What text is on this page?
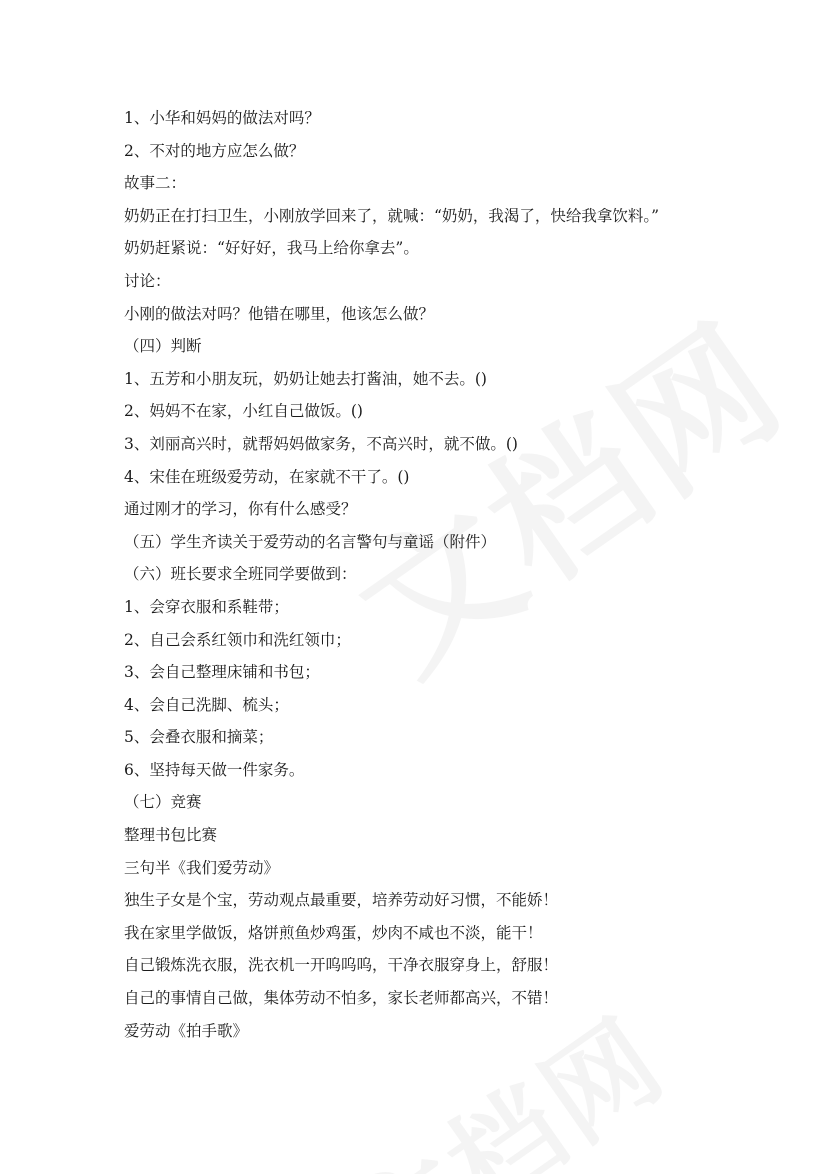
1、小华和妈妈的做法对吗？
2、不对的地方应怎么做？
故事二：
奶奶正在打扫卫生，小刚放学回来了，就喊：“奶奶，我渴了，快给我拿饮料。”
奶奶赶紧说：“好好好，我马上给你拿去”。
讨论：
小刚的做法对吗？他错在哪里，他该怎么做？
（四）判断
1、五芳和小朋友玩，奶奶让她去打酱油，她不去。()
2、妈妈不在家，小红自己做饭。()
3、刘丽高兴时，就帮妈妈做家务，不高兴时，就不做。()
4、宋佳在班级爱劳动，在家就不干了。()
通过刚才的学习，你有什么感受？
（五）学生齐读关于爱劳动的名言警句与童谣（附件）
（六）班长要求全班同学要做到：
1、会穿衣服和系鞋带；
2、自己会系红领巾和洗红领巾；
3、会自己整理床铺和书包；
4、会自己洗脚、梳头；
5、会叠衣服和摘菜；
6、坚持每天做一件家务。
（七）竞赛
整理书包比赛
三句半《我们爱劳动》
独生子女是个宝，劳动观点最重要，培养劳动好习惯，不能娇！
我在家里学做饭，烙饼煎鱼炒鸡蛋，炒肉不咸也不淡，能干！
自己锻炼洗衣服，洗衣机一开呜呜呜，干净衣服穿身上，舒服！
自己的事情自己做，集体劳动不怕多，家长老师都高兴，不错！
爱劳动《拍手歌》
